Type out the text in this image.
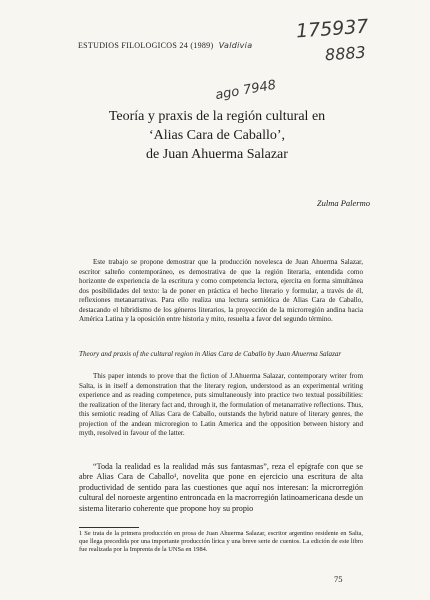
ESTUDIOS FILOLOGICOS 24 (1989) Valdivia
175937
8883
ago 7948
Teoría y praxis de la región cultural en
‘Alias Cara de Caballo’,
de Juan Ahuerma Salazar
Zulma Palermo

Este trabajo se propone demostrar que la producción novelesca de Juan Ahuerma Salazar, escritor salteño contemporáneo, es demostrativa de que la región literaria, entendida como horizonte de experiencia de la escritura y como competencia lectora, ejercita en forma simultánea dos posibilidades del texto: la de poner en práctica el hecho literario y formular, a través de él, reflexiones metanarrativas. Para ello realiza una lectura semiótica de Alias Cara de Caballo, destacando el hibridismo de los géneros literarios, la proyección de la microrregión andina hacia América Latina y la oposición entre historia y mito, resuelta a favor del segundo término.

Theory and praxis of the cultural region in Alias Cara de Caballo by Juan Ahuerma Salazar

This paper intends to prove that the fiction of J.Ahuerma Salazar, contemporary writer from Salta, is in itself a demonstration that the literary region, understood as an experimental writing experience and as reading competence, puts simultaneously into practice two textual possibilities: the realization of the literary fact and, through it, the formulation of metanarrative reflections. Thus, this semiotic reading of Alias Cara de Caballo, outstands the hybrid nature of literary genres, the projection of the andean microregion to Latin America and the opposition between history and myth, resolved in favour of the latter.

“Toda la realidad es la realidad más sus fantasmas”, reza el epígrafe con que se abre Alias Cara de Caballo¹, novelita que pone en ejercicio una escritura de alta productividad de sentido para las cuestiones que aquí nos interesan: la microrregión cultural del noroeste argentino entroncada en la macrorregión latinoamericana desde un sistema literario coherente que propone hoy su propio

1 Se trata de la primera producción en prosa de Juan Ahuerma Salazar, escritor argentino residente en Salta, que llega precedida por una importante producción lírica y una breve serie de cuentos. La edición de este libro fue realizada por la Imprenta de la UNSa en 1984.
75
